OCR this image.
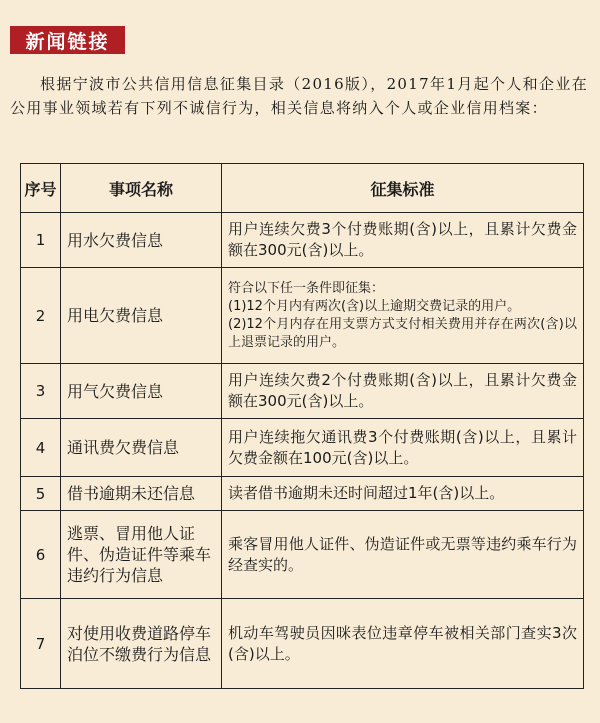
新闻链接

根据宁波市公共信用信息征集目录（2016版），2017年1月起个人和企业在公用事业领域若有下列不诚信行为，相关信息将纳入个人或企业信用档案：

序号	事项名称	征集标准
1	用水欠费信息	用户连续欠费3个付费账期(含)以上，且累计欠费金额在300元(含)以上。
2	用电欠费信息	符合以下任一条件即征集：
(1)12个月内有两次(含)以上逾期交费记录的用户。
(2)12个月内存在用支票方式支付相关费用并存在两次(含)以上退票记录的用户。
3	用气欠费信息	用户连续欠费2个付费账期(含)以上，且累计欠费金额在300元(含)以上。
4	通讯费欠费信息	用户连续拖欠通讯费3个付费账期(含)以上，且累计欠费金额在100元(含)以上。
5	借书逾期未还信息	读者借书逾期未还时间超过1年(含)以上。
6	逃票、冒用他人证件、伪造证件等乘车违约行为信息	乘客冒用他人证件、伪造证件或无票等违约乘车行为经查实的。
7	对使用收费道路停车泊位不缴费行为信息	机动车驾驶员因咪表位违章停车被相关部门查实3次(含)以上。
